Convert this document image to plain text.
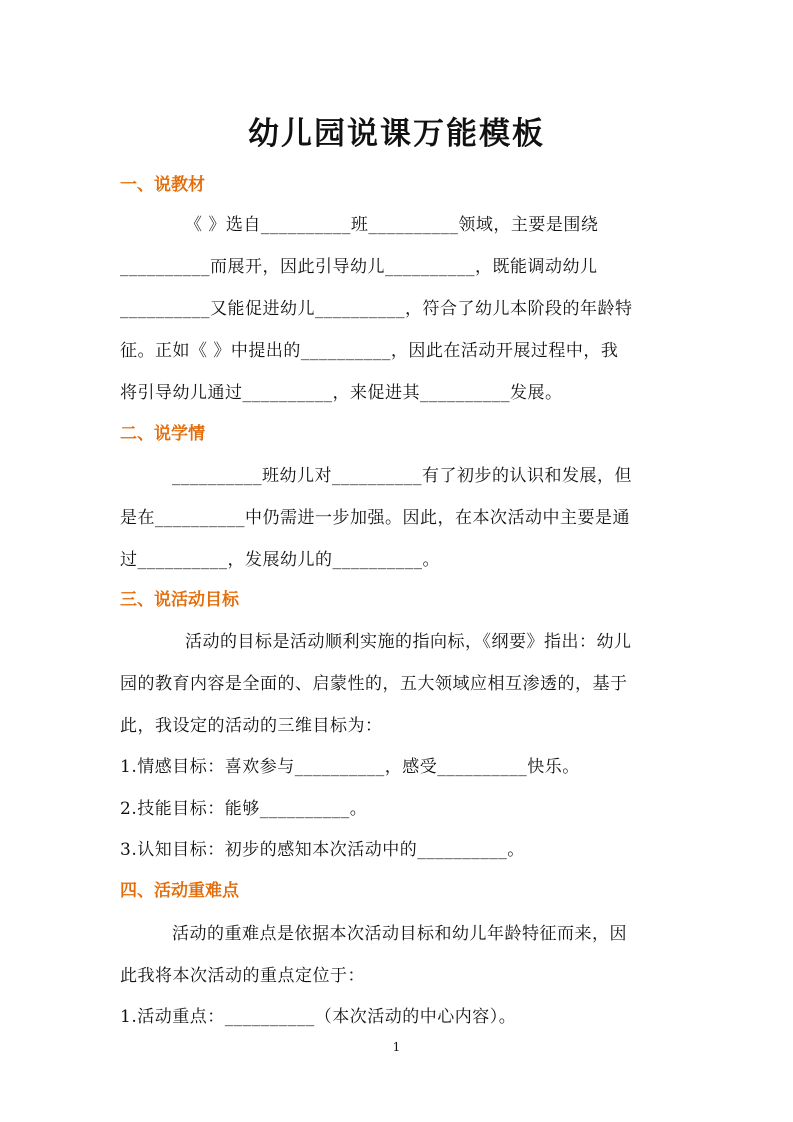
幼儿园说课万能模板
一、说教材
《 》选自__________班__________领域，主要是围绕
__________而展开，因此引导幼儿__________，既能调动幼儿
__________又能促进幼儿__________，符合了幼儿本阶段的年龄特
征。正如《 》中提出的__________，因此在活动开展过程中，我
将引导幼儿通过__________，来促进其__________发展。
二、说学情
__________班幼儿对__________有了初步的认识和发展，但
是在__________中仍需进一步加强。因此，在本次活动中主要是通
过__________，发展幼儿的__________。
三、说活动目标
活动的目标是活动顺利实施的指向标，《纲要》指出：幼儿
园的教育内容是全面的、启蒙性的，五大领域应相互渗透的，基于
此，我设定的活动的三维目标为：
1.情感目标：喜欢参与__________，感受__________快乐。
2.技能目标：能够__________。
3.认知目标：初步的感知本次活动中的__________。
四、活动重难点
活动的重难点是依据本次活动目标和幼儿年龄特征而来，因
此我将本次活动的重点定位于：
1.活动重点：__________（本次活动的中心内容）。
1
